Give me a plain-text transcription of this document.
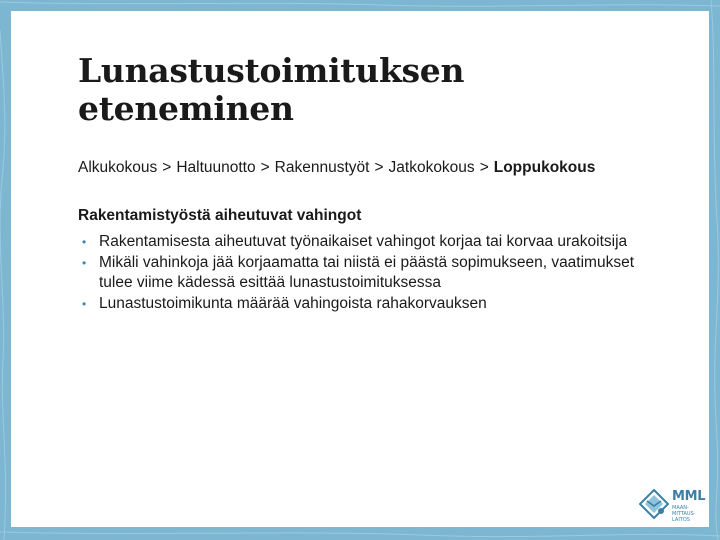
Lunastustoimituksen eteneminen
Alkukokous > Haltuunotto > Rakennustyöt > Jatkokokous > Loppukokous
Rakentamistyöstä aiheutuvat vahingot
• Rakentamisesta aiheutuvat työnaikaiset vahingot korjaa tai korvaa urakoitsija
• Mikäli vahinkoja jää korjaamatta tai niistä ei päästä sopimukseen, vaatimukset tulee viime kädessä esittää lunastustoimituksessa
• Lunastustoimikunta määrää vahingoista rahakorvauksen
MML
MAAN-
MITTAUS-
LAITOS
